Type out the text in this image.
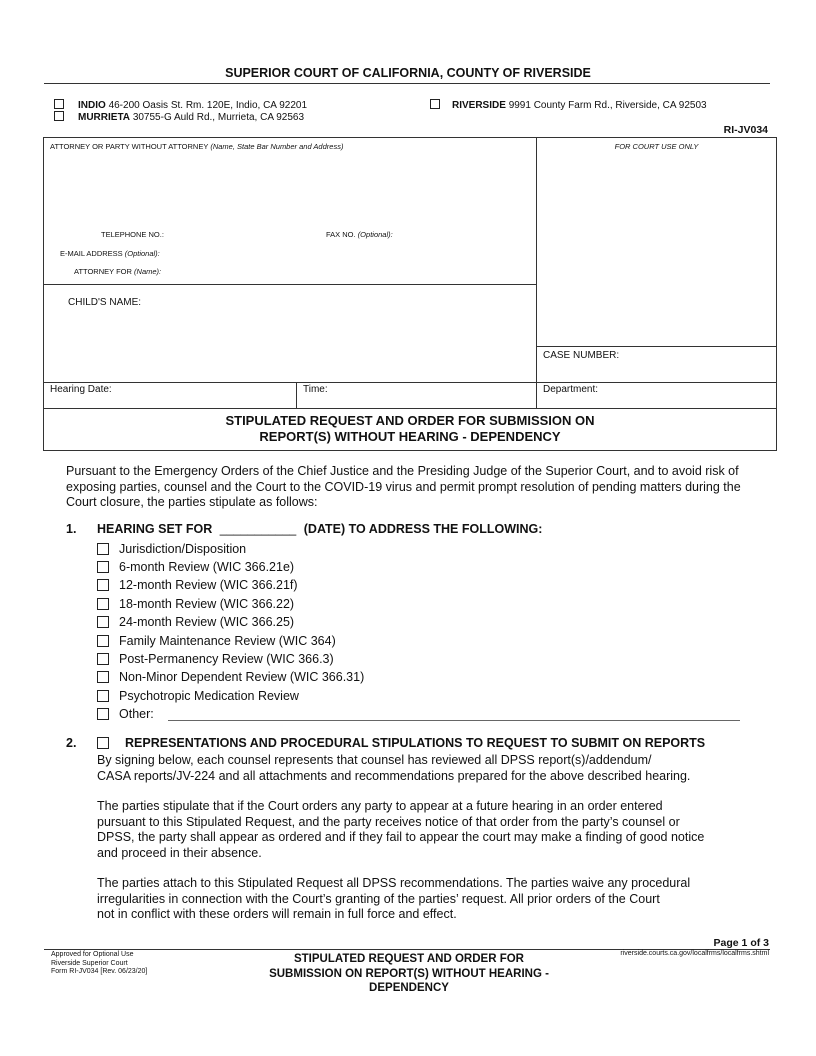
SUPERIOR COURT OF CALIFORNIA, COUNTY OF RIVERSIDE
INDIO 46-200 Oasis St. Rm. 120E, Indio, CA 92201
MURRIETA 30755-G Auld Rd., Murrieta, CA 92563
RIVERSIDE 9991 County Farm Rd., Riverside, CA 92503
RI-JV034
ATTORNEY OR PARTY WITHOUT ATTORNEY (Name, State Bar Number and Address)	FOR COURT USE ONLY
TELEPHONE NO.:	FAX NO. (Optional):
E-MAIL ADDRESS (Optional):
ATTORNEY FOR (Name):
CHILD'S NAME:
CASE NUMBER:
Hearing Date:	Time:	Department:
STIPULATED REQUEST AND ORDER FOR SUBMISSION ON
REPORT(S) WITHOUT HEARING - DEPENDENCY
Pursuant to the Emergency Orders of the Chief Justice and the Presiding Judge of the Superior Court, and to avoid risk of exposing parties, counsel and the Court to the COVID-19 virus and permit prompt resolution of pending matters during the Court closure, the parties stipulate as follows:
1. HEARING SET FOR ___________ (DATE) TO ADDRESS THE FOLLOWING:
Jurisdiction/Disposition
6-month Review (WIC 366.21e)
12-month Review (WIC 366.21f)
18-month Review (WIC 366.22)
24-month Review (WIC 366.25)
Family Maintenance Review (WIC 364)
Post-Permanency Review (WIC 366.3)
Non-Minor Dependent Review (WIC 366.31)
Psychotropic Medication Review
Other:
2.	REPRESENTATIONS AND PROCEDURAL STIPULATIONS TO REQUEST TO SUBMIT ON REPORTS
By signing below, each counsel represents that counsel has reviewed all DPSS report(s)/addendum/
CASA reports/JV-224 and all attachments and recommendations prepared for the above described hearing.
The parties stipulate that if the Court orders any party to appear at a future hearing in an order entered
pursuant to this Stipulated Request, and the party receives notice of that order from the party’s counsel or
DPSS, the party shall appear as ordered and if they fail to appear the court may make a finding of good notice
and proceed in their absence.
The parties attach to this Stipulated Request all DPSS recommendations. The parties waive any procedural
irregularities in connection with the Court’s granting of the parties’ request. All prior orders of the Court
not in conflict with these orders will remain in full force and effect.
Page 1 of 3
Approved for Optional Use
Riverside Superior Court
Form RI-JV034 [Rev. 06/23/20]
STIPULATED REQUEST AND ORDER FOR
SUBMISSION ON REPORT(S) WITHOUT HEARING -
DEPENDENCY
riverside.courts.ca.gov/localfrms/localfrms.shtml
